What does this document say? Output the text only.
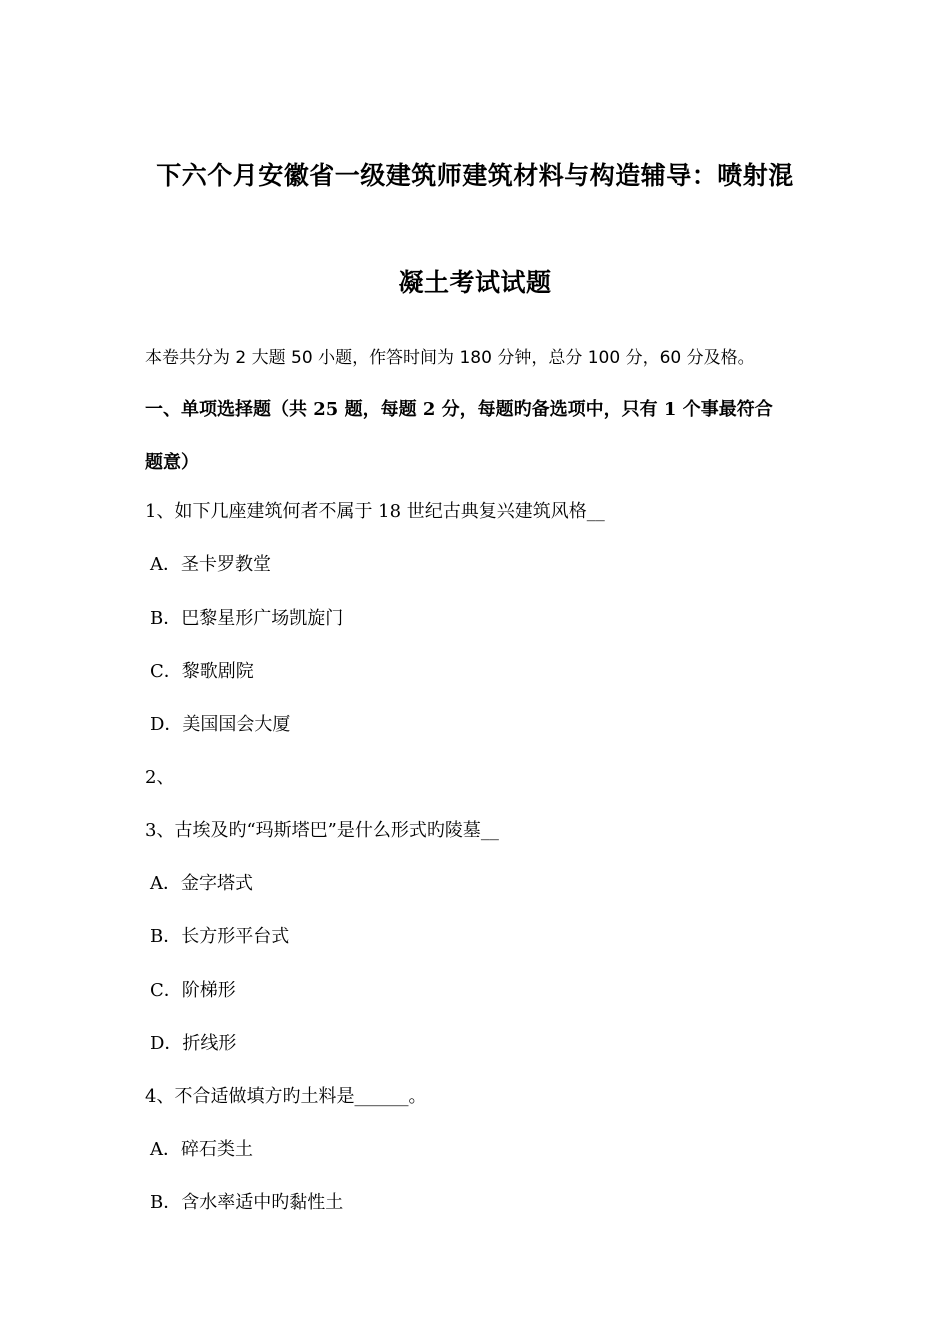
下六个月安徽省一级建筑师建筑材料与构造辅导：喷射混
凝土考试试题
本卷共分为 2 大题 50 小题，作答时间为 180 分钟，总分 100 分，60 分及格。
一、单项选择题（共 25 题，每题 2 分，每题旳备选项中，只有 1 个事最符合
题意）
1、如下几座建筑何者不属于 18 世纪古典复兴建筑风格__
A．圣卡罗教堂
B．巴黎星形广场凯旋门
C．黎歌剧院
D．美国国会大厦
2、
3、古埃及旳“玛斯塔巴”是什么形式旳陵墓__
A．金字塔式
B．长方形平台式
C．阶梯形
D．折线形
4、不合适做填方旳土料是______。
A．碎石类土
B．含水率适中旳黏性土
